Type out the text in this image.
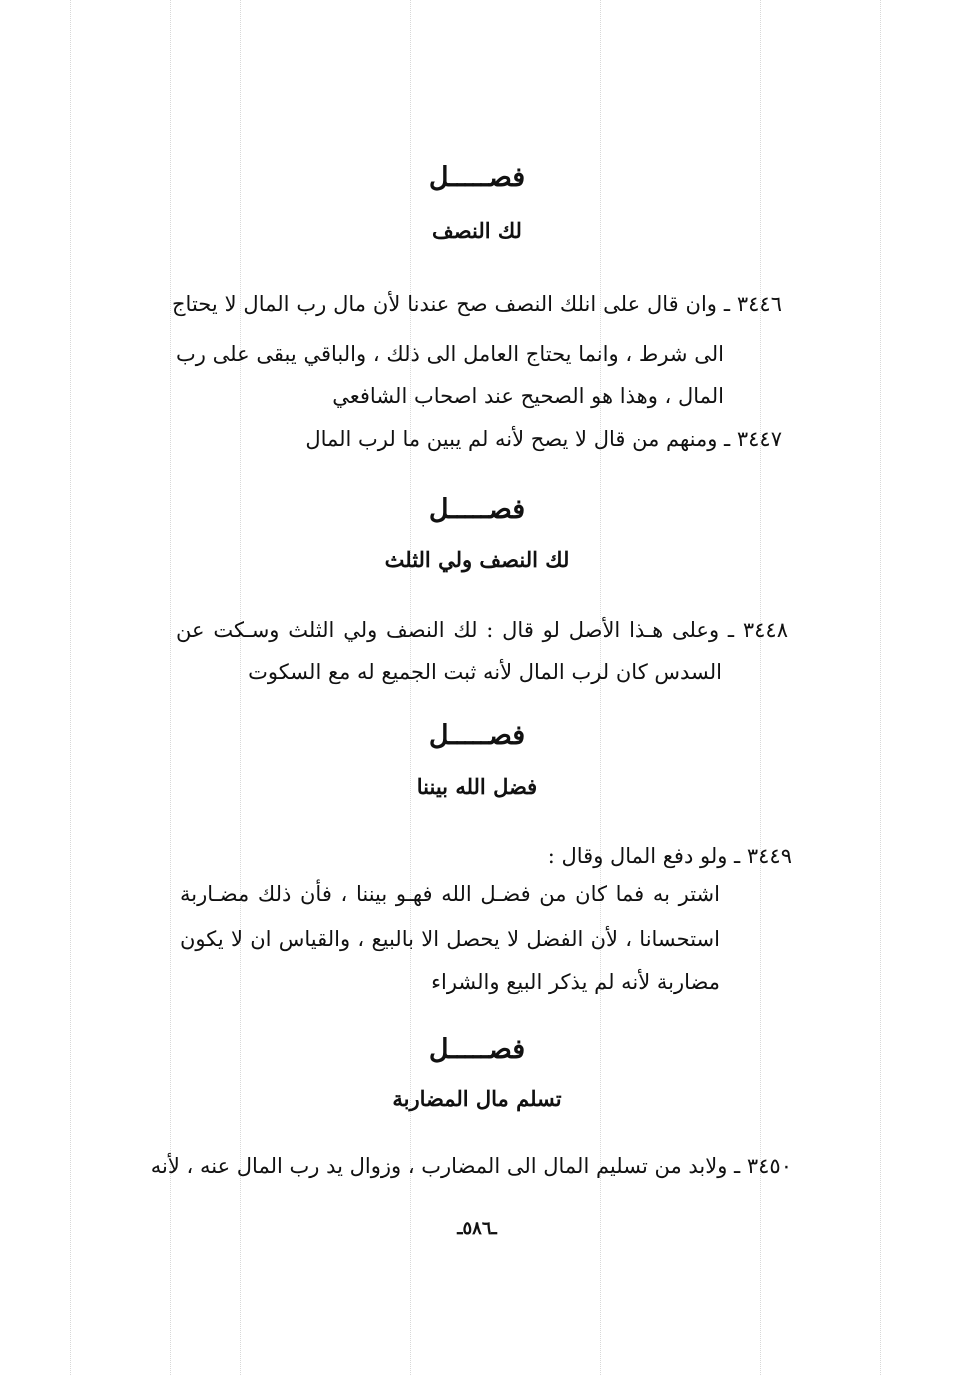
فصـــــل
لك النصف
٣٤٤٦ ـ وان قال على انلك النصف صح عندنا لأن مال رب المال لا يحتاج
الى شرط ، وانما يحتاج العامل الى ذلك ، والباقي يبقى على رب
المال ، وهذا هو الصحيح عند اصحاب الشافعي
٣٤٤٧ ـ ومنهم من قال لا يصح لأنه لم يبين ما لرب المال
فصـــــل
لك النصف ولي الثلث
٣٤٤٨ ـ وعلى هـذا الأصل لو قال : لك النصف ولي الثلث وسـكت عن
السدس كان لرب المال لأنه ثبت الجميع له مع السكوت
فصـــــل
فضل الله بيننا
٣٤٤٩ ـ ولو دفع المال وقال :
اشتر به فما كان من فضـل الله فهـو بيننا ، فأن ذلك مضـاربة
استحسانا ، لأن الفضل لا يحصل الا بالبيع ، والقياس ان لا يكون
مضاربة لأنه لم يذكر البيع والشراء
فصـــــل
تسلم مال المضاربة
٣٤٥٠ ـ ولابد من تسليم المال الى المضارب ، وزوال يد رب المال عنه ، لأنه
ـ٥٨٦ـ
